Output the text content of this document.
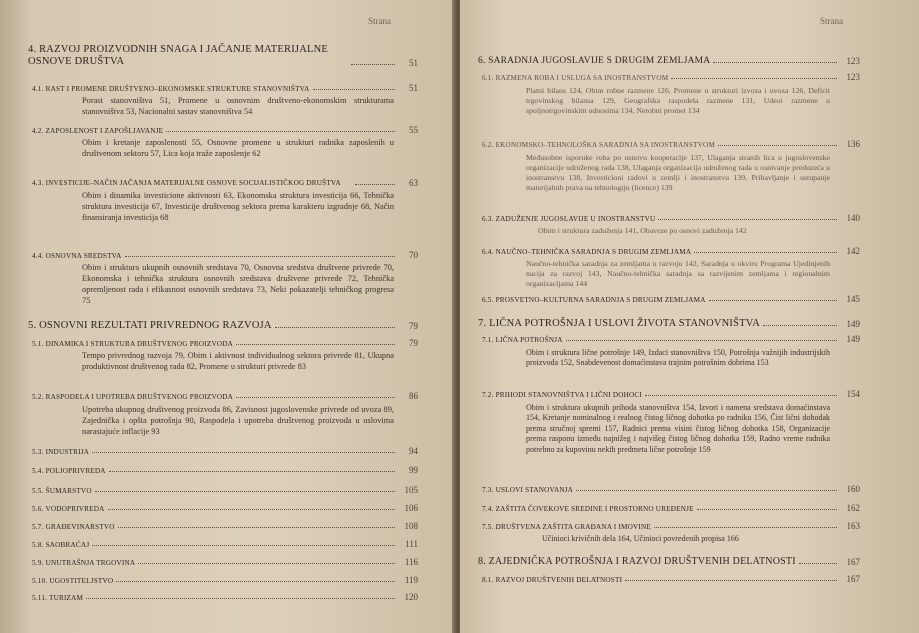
Strana
4. RAZVOJ PROIZVODNIH SNAGA I JAČANJE MATERIJALNE OSNOVE DRUŠTVA	51
4.1. RAST I PROMENE DRUŠTVENO–EKONOMSKE STRUKTURE STANOVNIŠTVA	51
Porast stanovništva 51, Promene u osnovnim društveno-ekonomskim strukturama stanovništva 53, Nacionalni sastav stanovništva 54
4.2. ZAPOSLENOST I ZAPOŠLJAVANJE	55
Obim i kretanje zaposlenosti 55, Osnovne promene u strukturi radnika zaposlenih u društvenom sektoru 57, Lica koja traže zaposlenje 62
4.3. INVESTICIJE–NAČIN JAČANJA MATERIJALNE OSNOVE SOCIJALISTIČKOG DRUŠTVA	63
Obim i dinamika investicione aktivnosti 63, Ekonomska struktura investicija 66, Tehnička struktura investicija 67, Investicije društvenog sektora prema karakteru izgradnje 68, Način finansiranja investicija 68
4.4. OSNOVNA SREDSTVA	70
Obim i struktura ukupnih osnovnih sredstava 70, Osnovna sredstva društvene privrede 70, Ekonomska i tehnička struktura osnovnih sredstava društvene privrede 72, Tehnička opremljenost rada i efikasnost osnovnih sredstava 73, Neki pokazatelji tehničkog progresa 75
5. OSNOVNI REZULTATI PRIVREDNOG RAZVOJA	79
5.1. DINAMIKA I STRUKTURA DRUŠTVENOG PROIZVODA	79
Tempo privrednog razvoja 79, Obim i aktivnost individualnog sektora privrede 81, Ukupna produktivnost društvenog rada 82, Promene u strukturi privrede 83
5.2. RASPODELA I UPOTREBA DRUŠTVENOG PROIZVODA	86
Upotreba ukupnog društvenog proizvoda 86, Zavisnost jugoslovenske privrede od uvoza 89, Zajednička i opšta potrošnja 90, Raspodela i upotreba društvenog proizvoda u uslovima narastajuće inflacije 93
5.3. INDUSTRIJA	94
5.4. POLJOPRIVREDA	99
5.5. ŠUMARSTVO	105
5.6. VODOPRIVREDA	106
5.7. GRAĐEVINARSTVO	108
5.8. SAOBRAĆAJ	111
5.9. UNUTRAŠNJA TRGOVINA	116
5.10. UGOSTITELJSTVO	119
5.11. TURIZAM	120
Strana
6. SARADNJA JUGOSLAVIJE S DRUGIM ZEMLJAMA	123
6.1. RAZMENA ROBA I USLUGA SA INOSTRANSTVOM	123
Platni bilans 124, Obim robne razmene 126, Promene u strukturi izvoza i uvoza 126, Deficit trgovinskog bilansa 129, Geografska raspodela razmene 131, Udeoi razmene u spoljnotrgovinskim odnosima 134, Nerobni promet 134
6.2. EKONOMSKO–TEHNOLOŠKA SARADNJA SA INOSTRANSTVOM	136
Međusobne isporuke roba po osnovu kooperacije 137, Ulaganja stranih lica u jugoslovenske organizacije udruženog rada 138, Ulaganja organizacija udruženog rada u osnivanje preduzeća u inostranstvu 138, Investicioni radovi u zemlji i inostranstvu 139, Pribavljanje i ustupanje materijalnih prava na tehnologiju (licence) 139
6.3. ZADUŽENJE JUGOSLAVIJE U INOSTRANSTVU	140
Obim i struktura zaduženja 141, Obaveze po osnovi zaduženja 142
6.4. NAUČNO–TEHNIČKA SARADNJA S DRUGIM ZEMLJAMA	142
Naučno-tehnička saradnja za zemljama u razvoju 142, Saradnja u okviru Programa Ujedinjenih nacija za razvoj 143, Naučno-tehnička saradnja sa razvijenim zemljama i regionalnim organizacijama 144
6.5. PROSVETNO–KULTURNA SARADNJA S DRUGIM ZEMLJAMA	145
7. LIČNA POTROŠNJA I USLOVI ŽIVOTA STANOVNIŠTVA	149
7.1. LIČNA POTROŠNJA	149
Obim i struktura lične potrošnje 149, Izdaci stanovništva 150, Potrošnja važnijih industrijskih proizvoda 152, Snabdevenost domaćinstava trajnim potrošnim dobrima 153
7.2. PRIHODI STANOVNIŠTVA I LIČNI DOHOCI	154
Obim i struktura ukupnih prihoda stanovništva 154, Izvori i namena sredstava domaćinstava 154, Kretanje nominalnog i realnog čistog ličnog dohotka po radniku 156, Čist lični dohodak prema stručnoj spremi 157, Radnici prema visini čistog ličnog dohotka 158, Organizacije prema rasponu između najnižeg i najvišeg čistog ličnog dohotka 159, Radno vreme radnika potrebno za kupovinu nekih predmeta lične potrošnje 159
7.3. USLOVI STANOVANJA	160
7.4. ZAŠTITA ČOVEKOVE SREDINE I PROSTORNO UREĐENJE	162
7.5. DRUŠTVENA ZAŠTITA GRAĐANA I IMOVINE	163
Učinioci krivičnih dela 164, Učinioci povredenih propisa 166
8. ZAJEDNIČKA POTROŠNJA I RAZVOJ DRUŠTVENIH DELATNOSTI	167
8.1. RAZVOJ DRUŠTVENIH DELATNOSTI	167
